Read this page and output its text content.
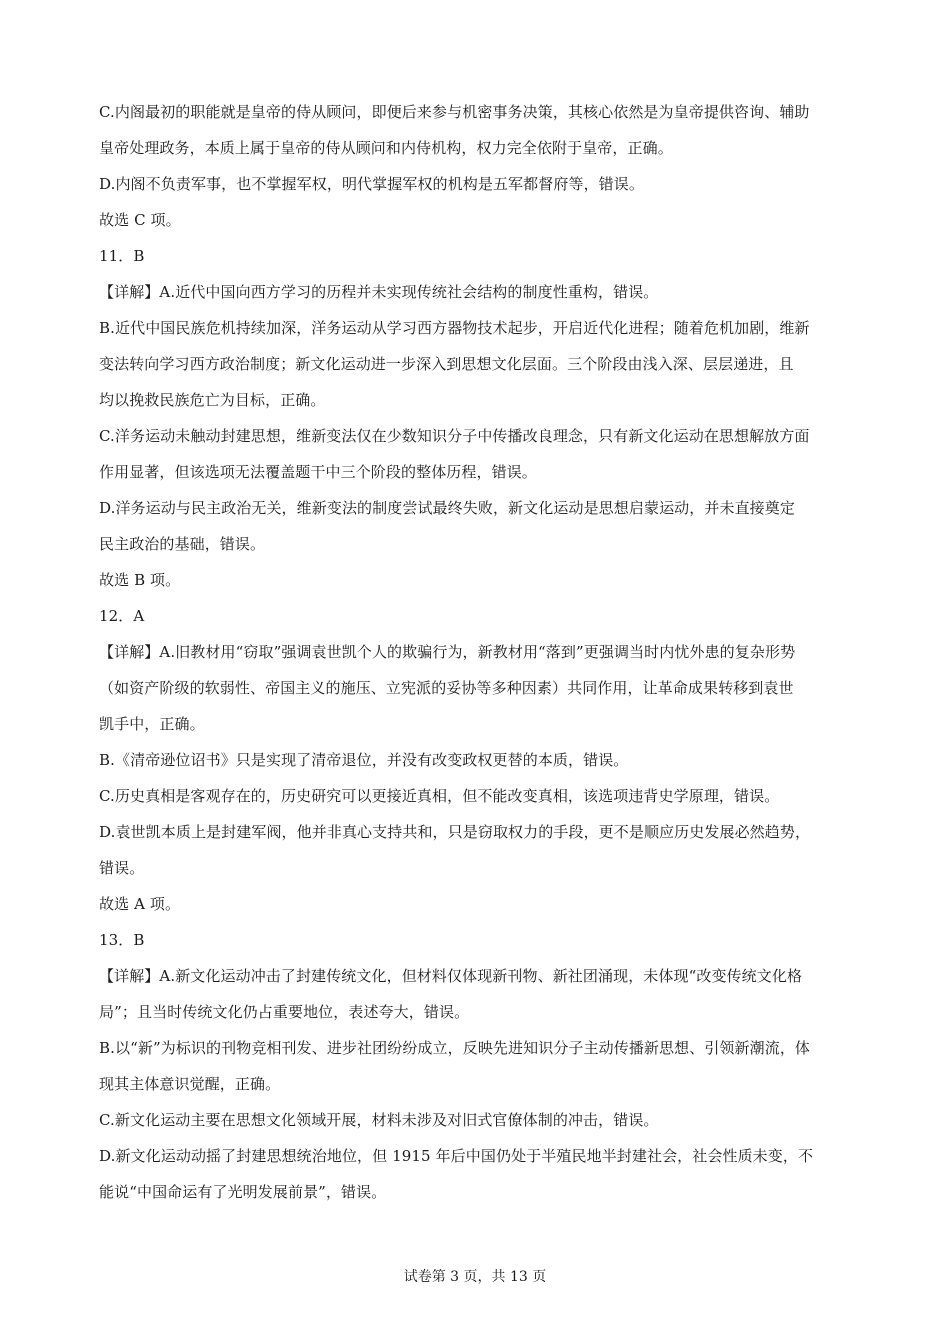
C.内阁最初的职能就是皇帝的侍从顾问，即便后来参与机密事务决策，其核心依然是为皇帝提供咨询、辅助
皇帝处理政务，本质上属于皇帝的侍从顾问和内侍机构，权力完全依附于皇帝，正确。
D.内阁不负责军事，也不掌握军权，明代掌握军权的机构是五军都督府等，错误。
故选 C 项。
11．B
【详解】A.近代中国向西方学习的历程并未实现传统社会结构的制度性重构，错误。
B.近代中国民族危机持续加深，洋务运动从学习西方器物技术起步，开启近代化进程；随着危机加剧，维新
变法转向学习西方政治制度；新文化运动进一步深入到思想文化层面。三个阶段由浅入深、层层递进，且
均以挽救民族危亡为目标，正确。
C.洋务运动未触动封建思想，维新变法仅在少数知识分子中传播改良理念，只有新文化运动在思想解放方面
作用显著，但该选项无法覆盖题干中三个阶段的整体历程，错误。
D.洋务运动与民主政治无关，维新变法的制度尝试最终失败，新文化运动是思想启蒙运动，并未直接奠定
民主政治的基础，错误。
故选 B 项。
12．A
【详解】A.旧教材用“窃取”强调袁世凯个人的欺骗行为，新教材用“落到”更强调当时内忧外患的复杂形势
（如资产阶级的软弱性、帝国主义的施压、立宪派的妥协等多种因素）共同作用，让革命成果转移到袁世
凯手中，正确。
B.《清帝逊位诏书》只是实现了清帝退位，并没有改变政权更替的本质，错误。
C.历史真相是客观存在的，历史研究可以更接近真相，但不能改变真相，该选项违背史学原理，错误。
D.袁世凯本质上是封建军阀，他并非真心支持共和，只是窃取权力的手段，更不是顺应历史发展必然趋势，
错误。
故选 A 项。
13．B
【详解】A.新文化运动冲击了封建传统文化，但材料仅体现新刊物、新社团涌现，未体现“改变传统文化格
局”；且当时传统文化仍占重要地位，表述夸大，错误。
B.以“新”为标识的刊物竞相刊发、进步社团纷纷成立，反映先进知识分子主动传播新思想、引领新潮流，体
现其主体意识觉醒，正确。
C.新文化运动主要在思想文化领域开展，材料未涉及对旧式官僚体制的冲击，错误。
D.新文化运动动摇了封建思想统治地位，但 1915 年后中国仍处于半殖民地半封建社会，社会性质未变，不
能说“中国命运有了光明发展前景”，错误。
试卷第 3 页，共 13 页
